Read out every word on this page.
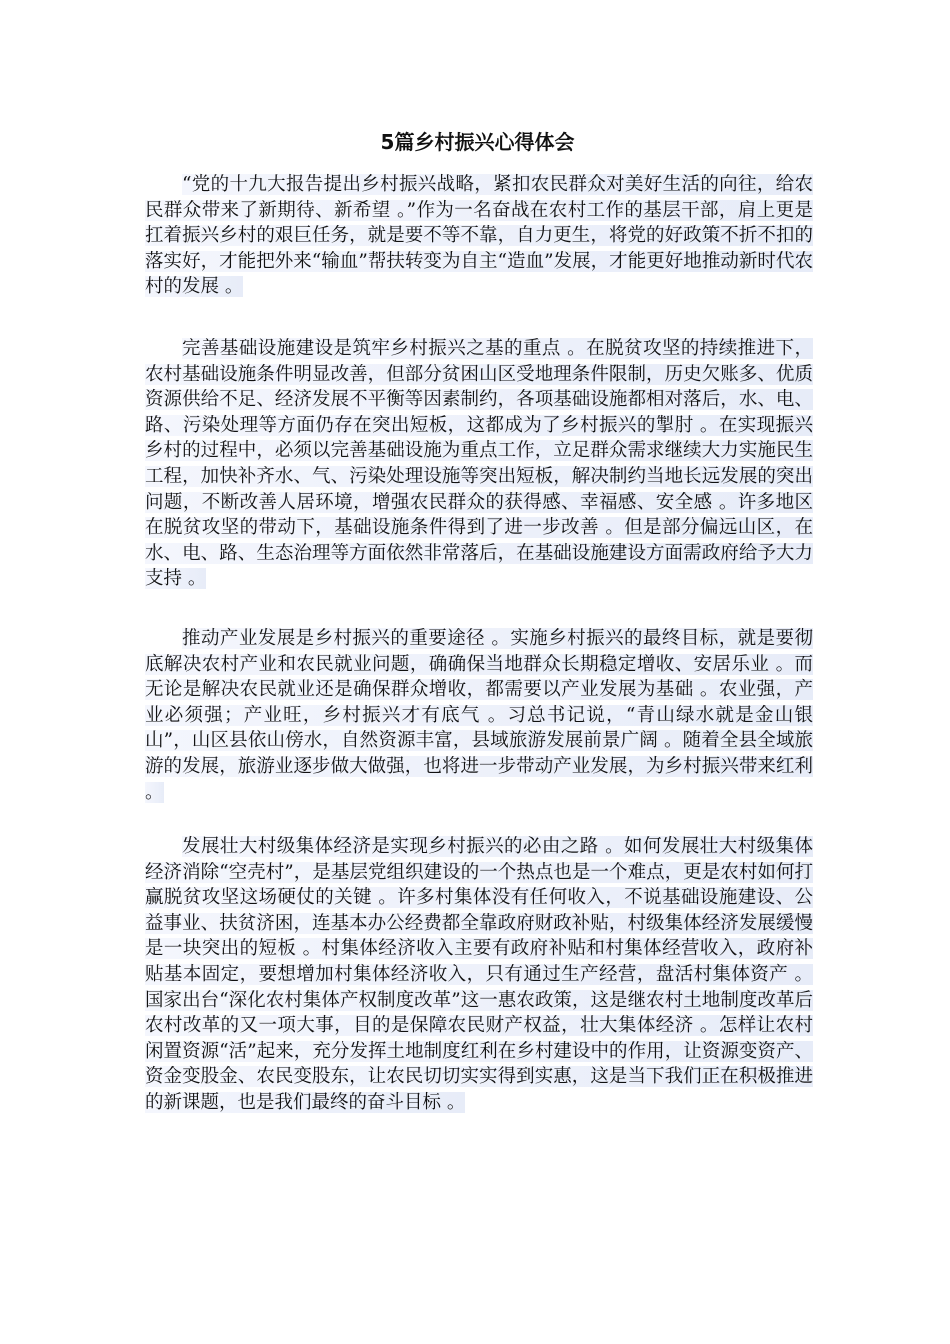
5篇乡村振兴心得体会

“党的十九大报告提出乡村振兴战略，紧扣农民群众对美好生活的向往，给农民群众带来了新期待、新希望 。”作为一名奋战在农村工作的基层干部，肩上更是扛着振兴乡村的艰巨任务，就是要不等不靠，自力更生，将党的好政策不折不扣的落实好，才能把外来“输血”帮扶转变为自主“造血”发展，才能更好地推动新时代农村的发展 。

完善基础设施建设是筑牢乡村振兴之基的重点 。在脱贫攻坚的持续推进下，农村基础设施条件明显改善，但部分贫困山区受地理条件限制，历史欠账多、优质资源供给不足、经济发展不平衡等因素制约，各项基础设施都相对落后，水、电、路、污染处理等方面仍存在突出短板，这都成为了乡村振兴的掣肘 。在实现振兴乡村的过程中，必须以完善基础设施为重点工作，立足群众需求继续大力实施民生工程，加快补齐水、气、污染处理设施等突出短板，解决制约当地长远发展的突出问题，不断改善人居环境，增强农民群众的获得感、幸福感、安全感 。许多地区在脱贫攻坚的带动下，基础设施条件得到了进一步改善 。但是部分偏远山区，在水、电、路、生态治理等方面依然非常落后，在基础设施建设方面需政府给予大力支持 。

推动产业发展是乡村振兴的重要途径 。实施乡村振兴的最终目标，就是要彻底解决农村产业和农民就业问题，确确保当地群众长期稳定增收、安居乐业 。而无论是解决农民就业还是确保群众增收，都需要以产业发展为基础 。农业强，产业必须强；产业旺，乡村振兴才有底气 。习总书记说，“青山绿水就是金山银山”，山区县依山傍水，自然资源丰富，县域旅游发展前景广阔 。随着全县全域旅游的发展，旅游业逐步做大做强，也将进一步带动产业发展，为乡村振兴带来红利 。

发展壮大村级集体经济是实现乡村振兴的必由之路 。如何发展壮大村级集体经济消除“空壳村”，是基层党组织建设的一个热点也是一个难点，更是农村如何打赢脱贫攻坚这场硬仗的关键 。许多村集体没有任何收入，不说基础设施建设、公益事业、扶贫济困，连基本办公经费都全靠政府财政补贴，村级集体经济发展缓慢是一块突出的短板 。村集体经济收入主要有政府补贴和村集体经营收入，政府补贴基本固定，要想增加村集体经济收入，只有通过生产经营，盘活村集体资产 。国家出台“深化农村集体产权制度改革”这一惠农政策，这是继农村土地制度改革后农村改革的又一项大事，目的是保障农民财产权益，壮大集体经济 。怎样让农村闲置资源“活”起来，充分发挥土地制度红利在乡村建设中的作用，让资源变资产、资金变股金、农民变股东，让农民切切实实得到实惠，这是当下我们正在积极推进的新课题，也是我们最终的奋斗目标 。
